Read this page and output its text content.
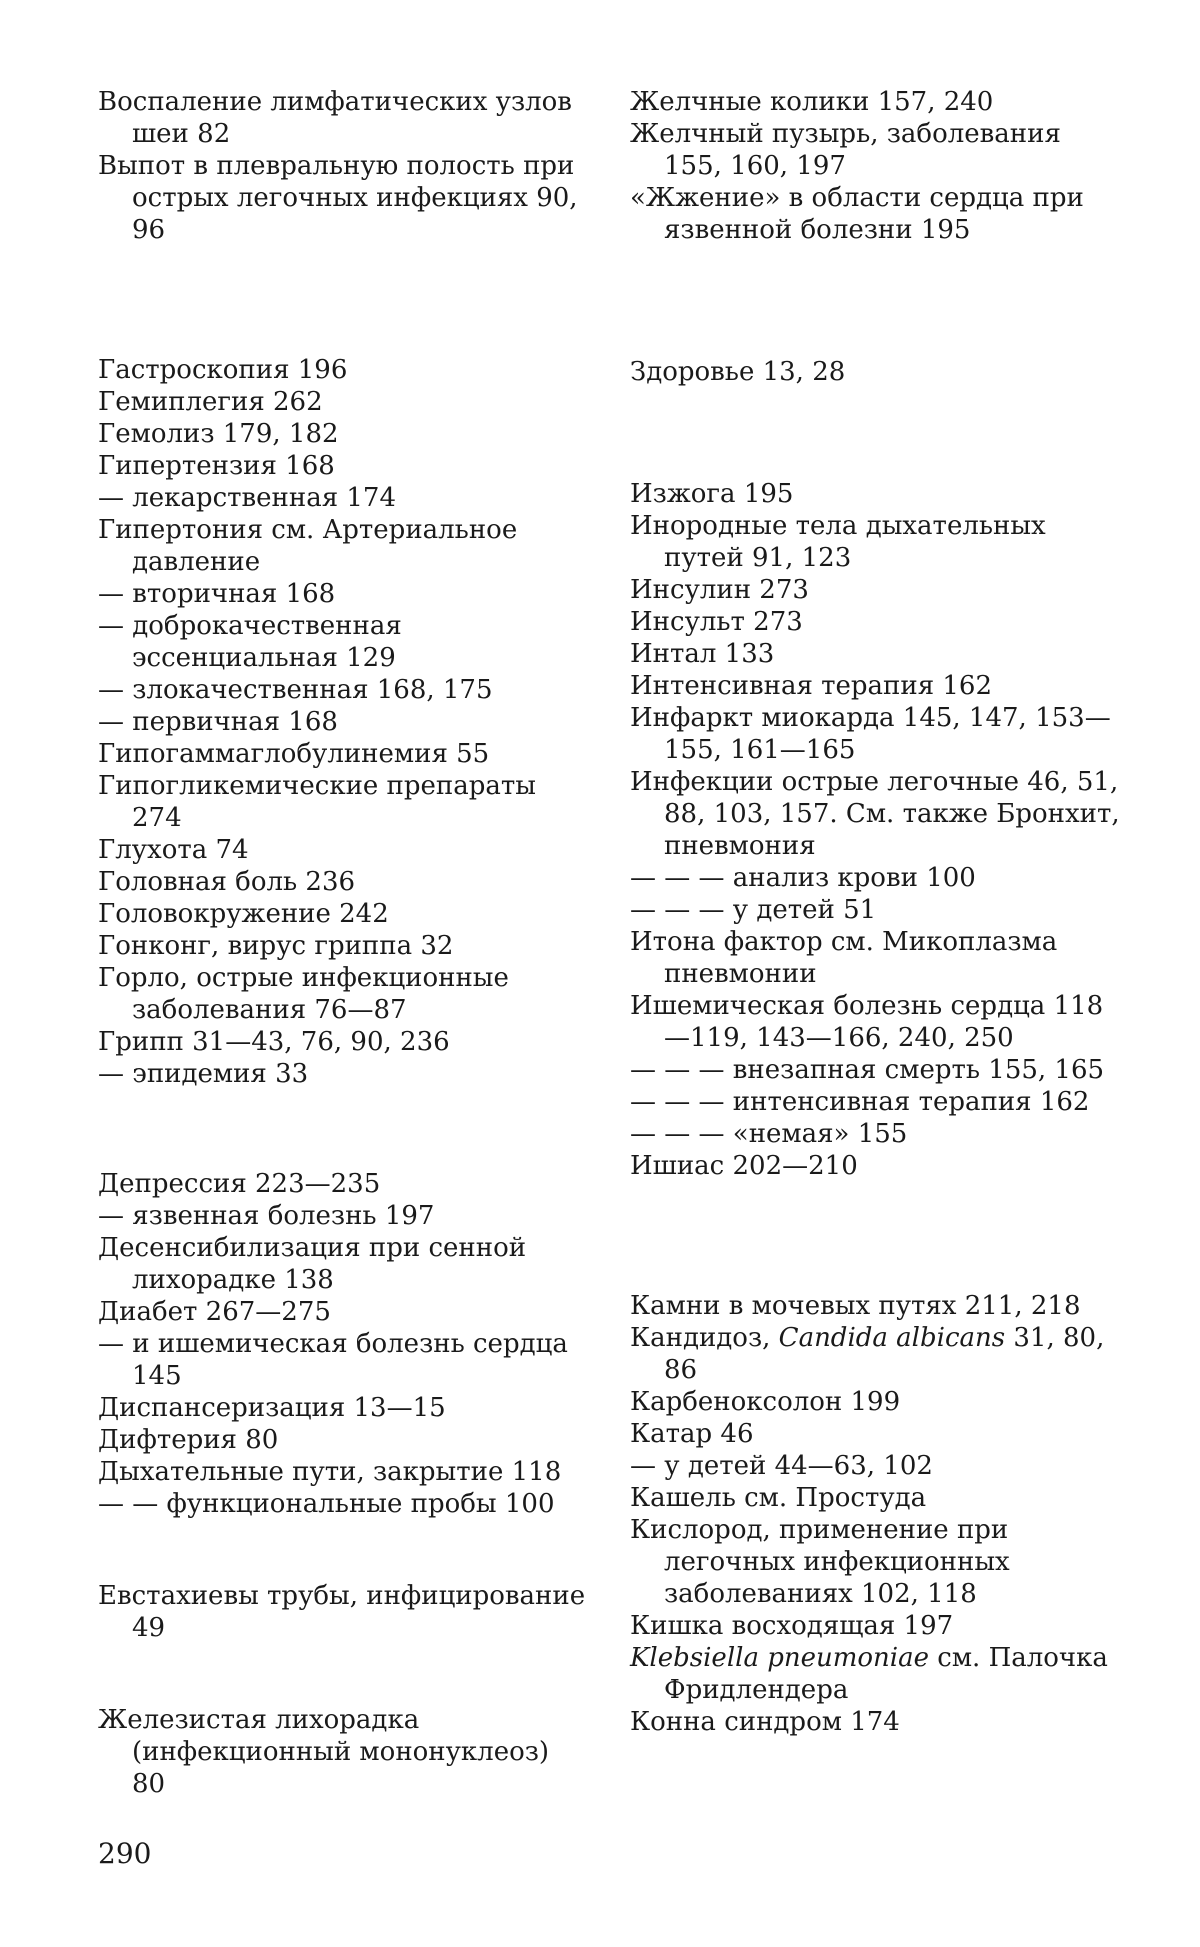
Воспаление лимфатических узлов шеи 82
Выпот в плевральную полость при острых легочных инфекциях 90, 96
Гастроскопия 196
Гемиплегия 262
Гемолиз 179, 182
Гипертензия 168
— лекарственная 174
Гипертония см. Артериальное давление
— вторичная 168
— доброкачественная эссенциальная 129
— злокачественная 168, 175
— первичная 168
Гипогаммаглобулинемия 55
Гипогликемические препараты 274
Глухота 74
Головная боль 236
Головокружение 242
Гонконг, вирус гриппа 32
Горло, острые инфекционные заболевания 76—87
Грипп 31—43, 76, 90, 236
— эпидемия 33
Депрессия 223—235
— язвенная болезнь 197
Десенсибилизация при сенной лихорадке 138
Диабет 267—275
— и ишемическая болезнь сердца 145
Диспансеризация 13—15
Дифтерия 80
Дыхательные пути, закрытие 118
— — функциональные пробы 100
Евстахиевы трубы, инфицирование 49
Железистая лихорадка (инфекционный мононуклеоз) 80
Желчные колики 157, 240
Желчный пузырь, заболевания 155, 160, 197
«Жжение» в области сердца при язвенной болезни 195
Здоровье 13, 28
Изжога 195
Инородные тела дыхательных путей 91, 123
Инсулин 273
Инсульт 273
Интал 133
Интенсивная терапия 162
Инфаркт миокарда 145, 147, 153—155, 161—165
Инфекции острые легочные 46, 51, 88, 103, 157. См. также Бронхит, пневмония
— — — анализ крови 100
— — — у детей 51
Итона фактор см. Микоплазма пневмонии
Ишемическая болезнь сердца 118—119, 143—166, 240, 250
— — — внезапная смерть 155, 165
— — — интенсивная терапия 162
— — — «немая» 155
Ишиас 202—210
Камни в мочевых путях 211, 218
Кандидоз, Candida albicans 31, 80, 86
Карбеноксолон 199
Катар 46
— у детей 44—63, 102
Кашель см. Простуда
Кислород, применение при легочных инфекционных заболеваниях 102, 118
Кишка восходящая 197
Klebsiella pneumoniae см. Палочка Фридлендера
Конна синдром 174
290
